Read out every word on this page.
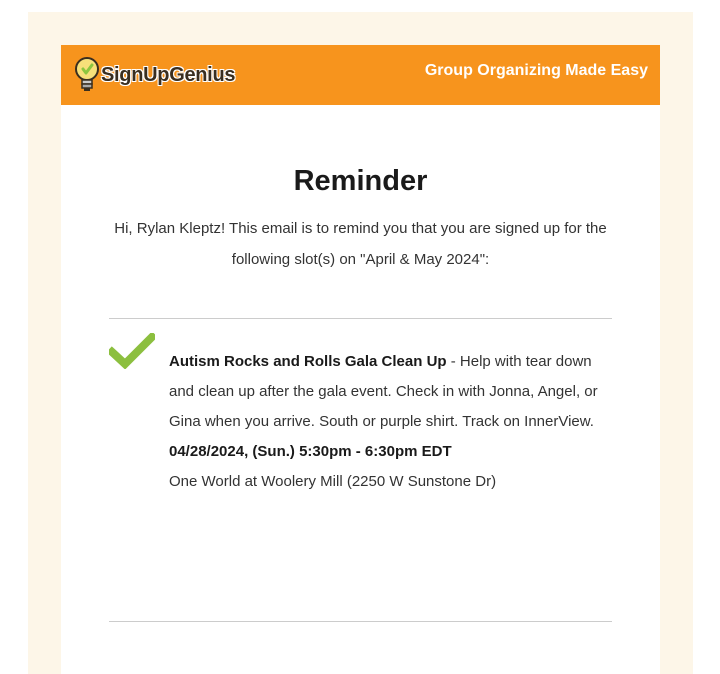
SignUpGenius	Group Organizing Made Easy
Reminder
Hi, Rylan Kleptz! This email is to remind you that you are signed up for the following slot(s) on "April & May 2024":
Autism Rocks and Rolls Gala Clean Up - Help with tear down and clean up after the gala event. Check in with Jonna, Angel, or Gina when you arrive. South or purple shirt. Track on InnerView.
04/28/2024, (Sun.) 5:30pm - 6:30pm EDT
One World at Woolery Mill (2250 W Sunstone Dr)
